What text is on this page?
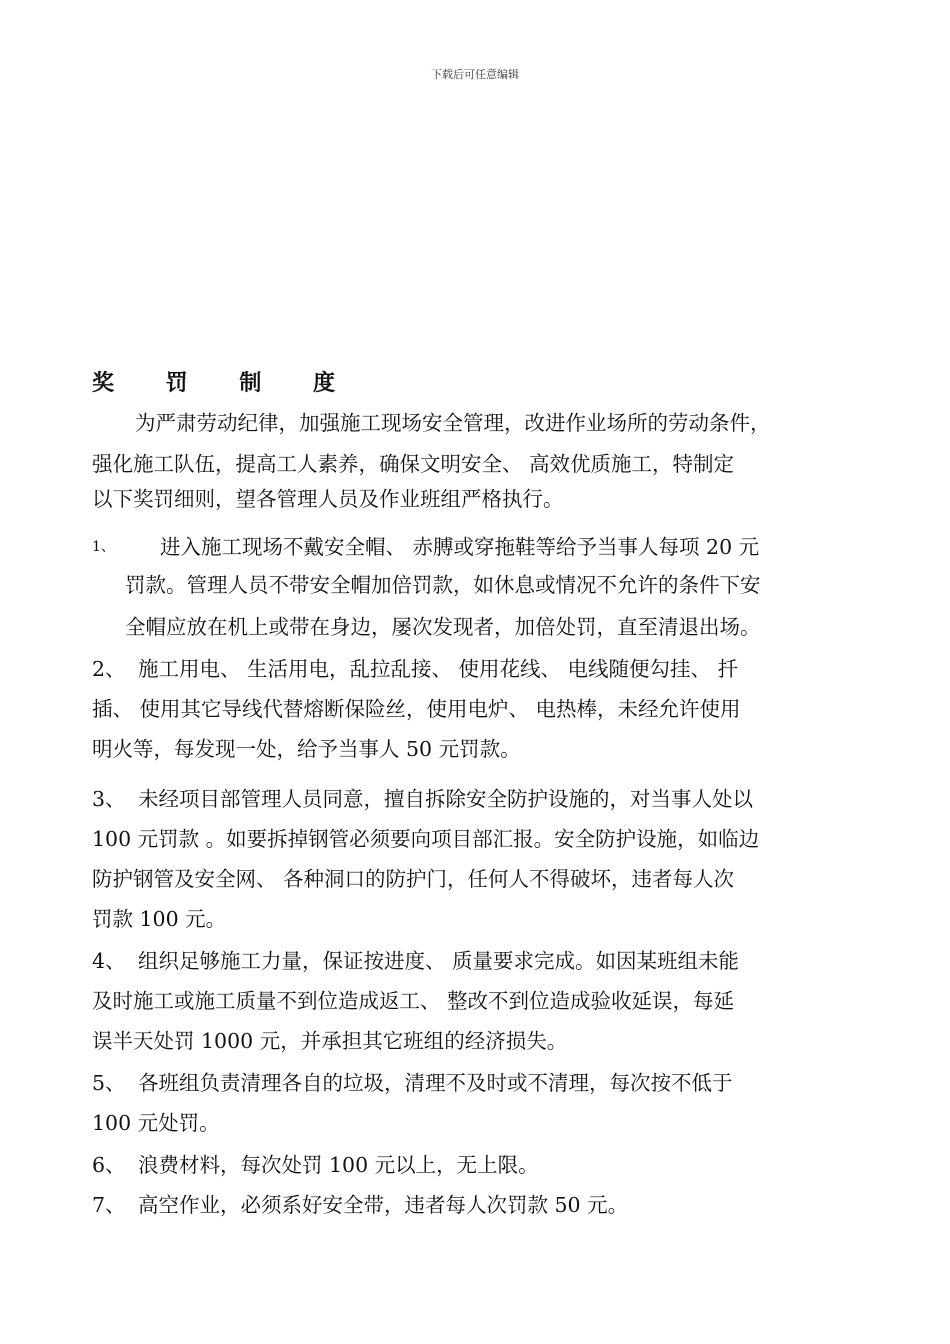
下载后可任意编辑
奖 罚 制 度
为严肃劳动纪律，加强施工现场安全管理，改进作业场所的劳动条件，
强化施工队伍，提高工人素养，确保文明安全、 高效优质施工，特制定
以下奖罚细则，望各管理人员及作业班组严格执行。
1、 进入施工现场不戴安全帽、 赤膊或穿拖鞋等给予当事人每项 20 元
罚款。管理人员不带安全帽加倍罚款，如休息或情况不允许的条件下安
全帽应放在机上或带在身边，屡次发现者，加倍处罚，直至清退出场。
2、 施工用电、 生活用电，乱拉乱接、 使用花线、 电线随便勾挂、 扦
插、 使用其它导线代替熔断保险丝，使用电炉、 电热棒，未经允许使用
明火等，每发现一处，给予当事人 50 元罚款。
3、 未经项目部管理人员同意，擅自拆除安全防护设施的，对当事人处以
100 元罚款 。如要拆掉钢管必须要向项目部汇报。安全防护设施，如临边
防护钢管及安全网、 各种洞口的防护门，任何人不得破坏，违者每人次
罚款 100 元。
4、 组织足够施工力量，保证按进度、 质量要求完成。如因某班组未能
及时施工或施工质量不到位造成返工、 整改不到位造成验收延误，每延
误半天处罚 1000 元，并承担其它班组的经济损失。
5、 各班组负责清理各自的垃圾，清理不及时或不清理，每次按不低于
100 元处罚。
6、 浪费材料，每次处罚 100 元以上，无上限。
7、 高空作业，必须系好安全带，违者每人次罚款 50 元。
